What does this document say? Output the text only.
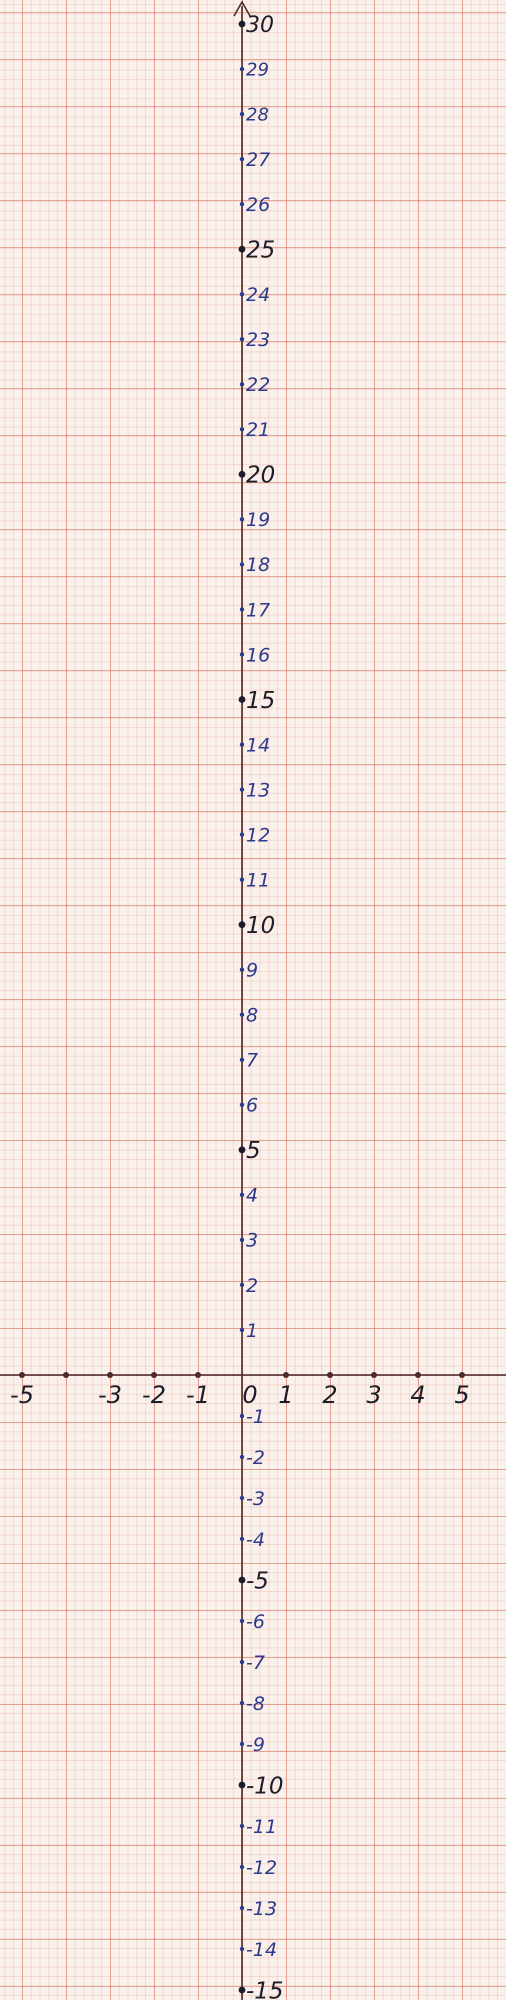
-5	-3 -2 -1 0 1 2 3 4 5
30
29
28
27
26
25
24
23
22
21
20
19
18
17
16
15
14
13
12
11
10
9
8
7
6
5
4
3
2
1
-1
-2
-3
-4
-5
-6
-7
-8
-9
-10
-11
-12
-13
-14
-15
